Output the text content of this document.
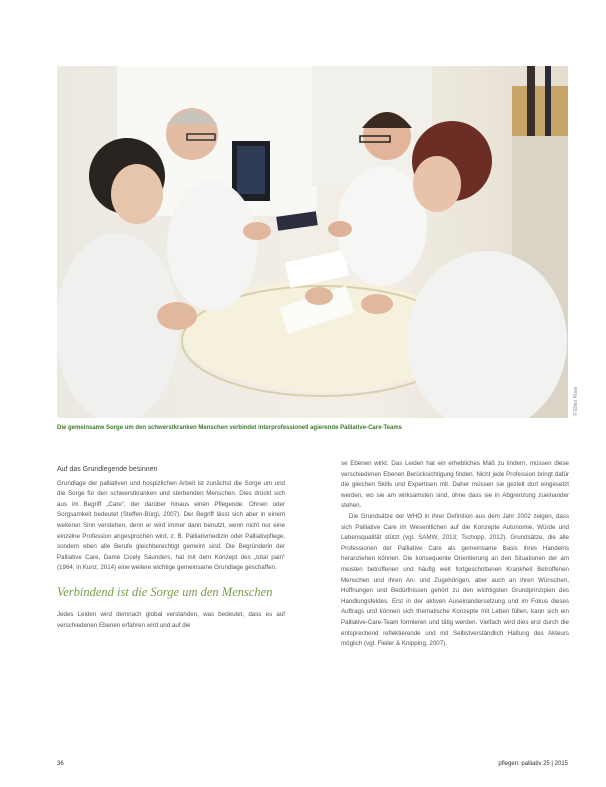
© Ellen Rose
Die gemeinsame Sorge um den schwerstkranken Menschen verbindet interprofessionell agierende Palliative-Care-Teams
Auf das Grundlegende besinnen

Grundlage der palliativen und hospizlichen Arbeit ist zunächst die Sorge um und die Sorge für den schwerstkranken und sterbenden Menschen. Dies drückt sich aus im Begriff „Care“, der darüber hinaus einen Pflegende. Ohnen oder Sorgsamkeit bedeutet (Steffen-Bürgi, 2007). Der Begriff lässt sich aber in einem weiteren Sinn verstehen, denn er wird immer dann benutzt, wenn nicht nur eine einzelne Profession angesprochen wird, z. B. Palliativmedizin oder Palliativpflege, sondern eben alle Berufe gleichberechtigt gemeint sind. Die Begründerin der Palliative Care, Dame Cicely Saunders, hat mit dem Konzept des „total pain“ (1964; in Kunz, 2014) eine weitere wichtige gemeinsame Grundlage geschaffen.

Verbindend ist die Sorge um den Menschen

Jedes Leiden wird demnach global verstanden, was bedeutet, dass es auf verschiedenen Ebenen erfahren wird und auf die

se Ebenen wirkt. Das Leiden hat ein erhebliches Maß zu lindern, müssen diese verschiedenen Ebenen Berücksichtigung finden. Nicht jede Profession bringt dafür die gleichen Skills und Expertisen mit. Daher müssen sie gezielt dort eingesetzt werden, wo sie am wirksamsten sind, ohne dass sie in Abgrenzung zueinander stehen.

Die Grundsätze der WHO in ihrer Definition aus dem Jahr 2002 zeigen, dass sich Palliative Care im Wesentlichen auf die Konzepte Autonomie, Würde und Lebensqualität stützt (vgl. SAMW, 2013; Tschopp, 2012). Grundsätze, die alle Professionen der Palliative Care als gemeinsame Basis ihres Handelns heranziehen können. Die konsequente Orientierung an den Situationen der am meisten betroffenen und häufig weit fortgeschrittenen Krankheit Betroffenen Menschen und ihren An- und Zugehörigen, aber auch an ihren Wünschen, Hoffnungen und Bedürfnissen gehört zu den wichtigsten Grundprinzipien des Handlungsfeldes. Erst in der aktiven Auseinandersetzung und im Fokus dieses Auftrags und können sich thematische Konzepte mit Leben füllen, kann sich ein Palliative-Care-Team formieren und tätig werden. Vielfach wird dies erst durch die entsprechend reflektierende und mit Selbstverständlich Haltung des Akteurs möglich (vgl. Fleiler & Knipping, 2007).

36	pflegen: palliativ 25 | 2015
